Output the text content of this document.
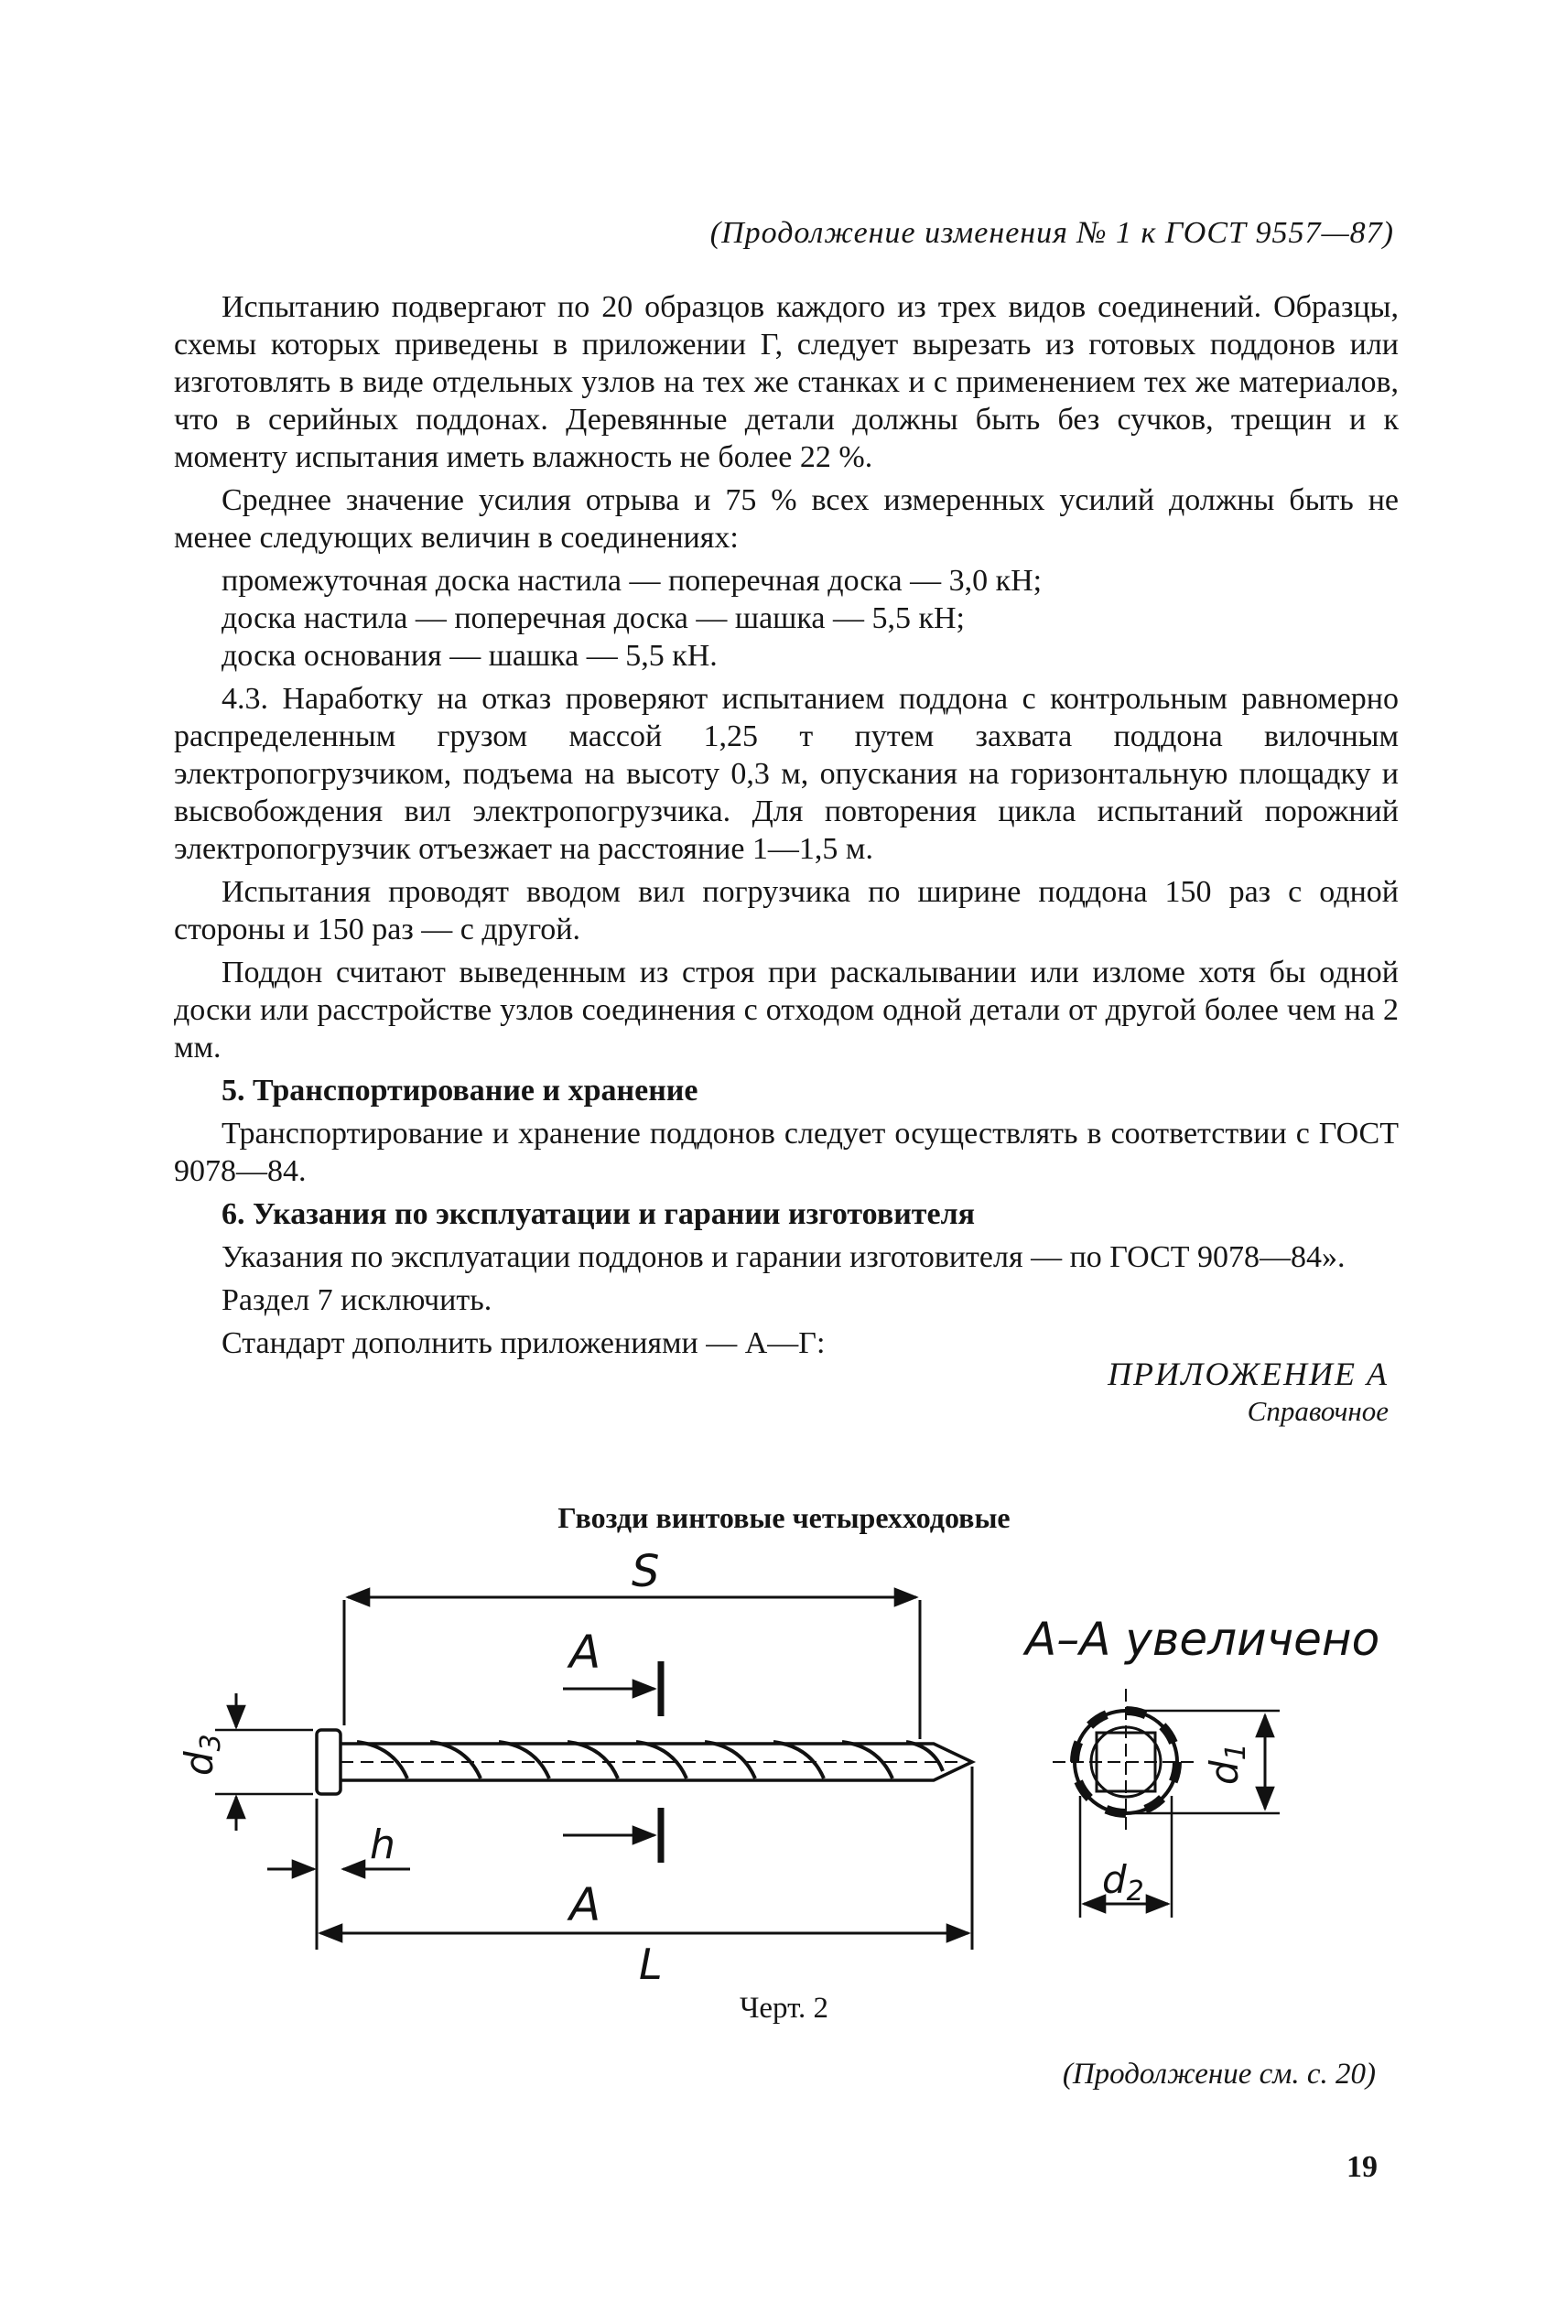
(Продолжение изменения № 1 к ГОСТ 9557—87)

Испытанию подвергают по 20 образцов каждого из трех видов соединений. Образцы, схемы которых приведены в приложении Г, следует вырезать из готовых поддонов или изготовлять в виде отдельных узлов на тех же станках и с применением тех же материалов, что в серийных поддонах. Деревянные детали должны быть без сучков, трещин и к моменту испытания иметь влажность не более 22 %.

Среднее значение усилия отрыва и 75 % всех измеренных усилий должны быть не менее следующих величин в соединениях:

промежуточная доска настила — поперечная доска — 3,0 кН;

доска настила — поперечная доска — шашка — 5,5 кН;

доска основания — шашка — 5,5 кН.

4.3. Наработку на отказ проверяют испытанием поддона с контрольным равномерно распределенным грузом массой 1,25 т путем захвата поддона вилочным электропогрузчиком, подъема на высоту 0,3 м, опускания на горизонтальную площадку и высвобождения вил электропогрузчика. Для повторения цикла испытаний порожний электропогрузчик отъезжает на расстояние 1—1,5 м.

Испытания проводят вводом вил погрузчика по ширине поддона 150 раз с одной стороны и 150 раз — с другой.

Поддон считают выведенным из строя при раскалывании или изломе хотя бы одной доски или расстройстве узлов соединения с отходом одной детали от другой более чем на 2 мм.

5. Транспортирование и хранение

Транспортирование и хранение поддонов следует осуществлять в соответствии с ГОСТ 9078—84.

6. Указания по эксплуатации и гарании изготовителя

Указания по эксплуатации поддонов и гарании изготовителя — по ГОСТ 9078—84».

Раздел 7 исключить.

Стандарт дополнить приложениями — А—Г:

ПРИЛОЖЕНИЕ А
Справочное
Гвозди винтовые четырехходовые
S
А
А
L
h
d3
d1
d2
А–А увеличено
Черт. 2
(Продолжение см. с. 20)
19
